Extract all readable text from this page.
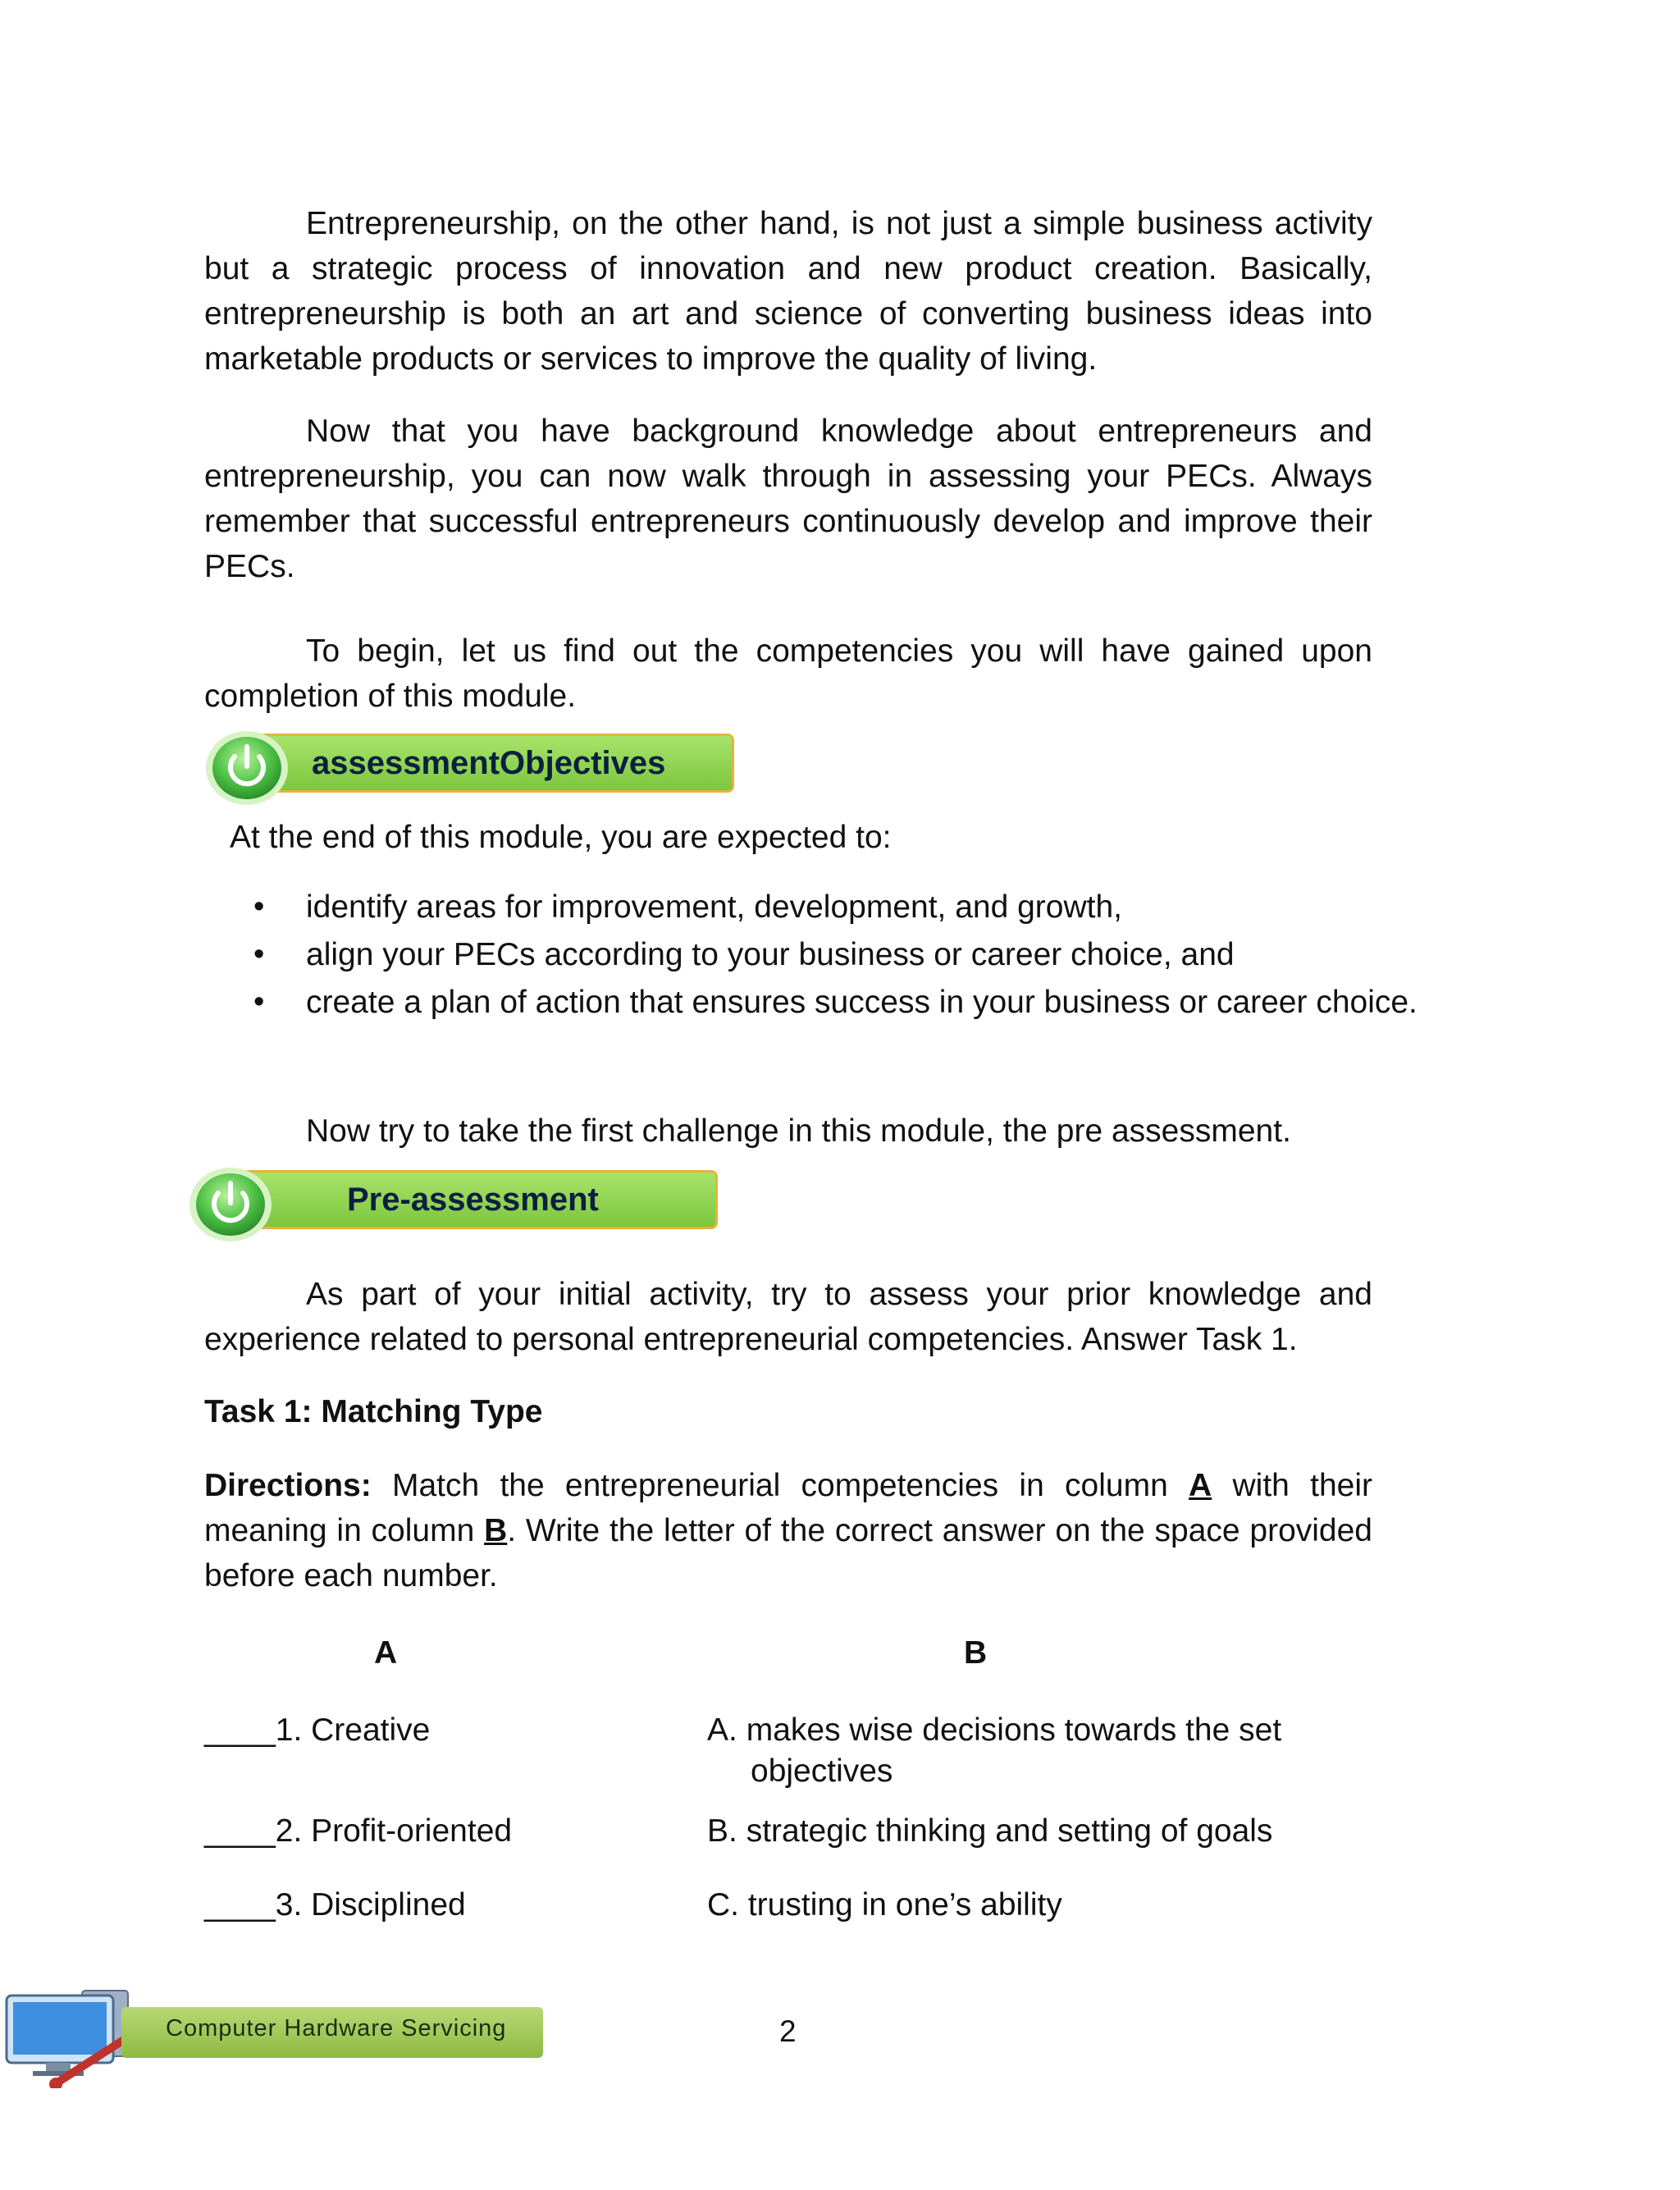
Entrepreneurship, on the other hand, is not just a simple business activity but a strategic process of innovation and new product creation. Basically, entrepreneurship is both an art and science of converting business ideas into marketable products or services to improve the quality of living.

Now that you have background knowledge about entrepreneurs and entrepreneurship, you can now walk through in assessing your PECs. Always remember that successful entrepreneurs continuously develop and improve their PECs.

To begin, let us find out the competencies you will have gained upon completion of this module.

assessmentObjectives

At the end of this module, you are expected to:

• identify areas for improvement, development, and growth,
• align your PECs according to your business or career choice, and
• create a plan of action that ensures success in your business or career choice.

Now try to take the first challenge in this module, the pre assessment.

Pre-assessment

As part of your initial activity, try to assess your prior knowledge and experience related to personal entrepreneurial competencies. Answer Task 1.

Task 1: Matching Type

Directions: Match the entrepreneurial competencies in column A with their meaning in column B. Write the letter of the correct answer on the space provided before each number.

A	B

____1. Creative

____2. Profit-oriented

____3. Disciplined

A. makes wise decisions towards the set
objectives
B. strategic thinking and setting of goals
C. trusting in one’s ability
Computer Hardware Servicing	2
